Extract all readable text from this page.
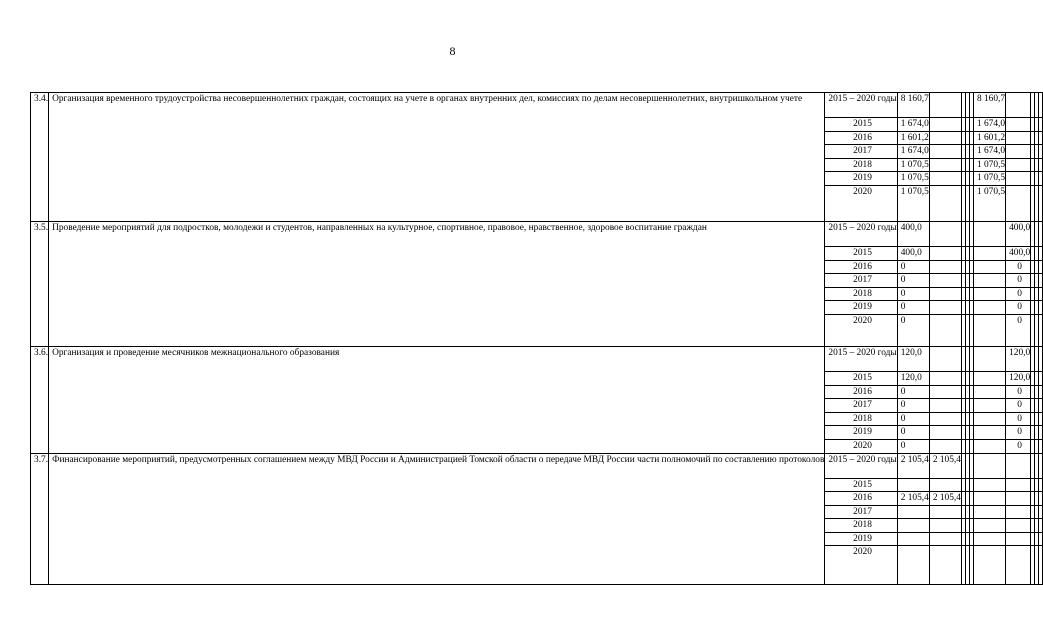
8
3.4.	Организация временного трудоустройства несовершеннолетних граждан, состоящих на учете в органах внутренних дел, комиссиях по делам несовершеннолетних, внутришкольном учете	2015 – 2020 годы	8 160,7					8 160,7				
		2015	1 674,0					1 674,0				
		2016	1 601,2					1 601,2				
		2017	1 674,0					1 674,0				
		2018	1 070,5					1 070,5				
		2019	1 070,5					1 070,5				
		2020	1 070,5					1 070,5				
3.5.	Проведение мероприятий для подростков, молодежи и студентов, направленных на культурное, спортивное, правовое, нравственное, здоровое воспитание граждан	2015 – 2020 годы	400,0						400,0			
		2015	400,0						400,0			
		2016	0						0			
		2017	0						0			
		2018	0						0			
		2019	0						0			
		2020	0						0			
3.6.	Организация и проведение месячников межнационального образования	2015 – 2020 годы	120,0						120,0			
		2015	120,0						120,0			
		2016	0						0			
		2017	0						0			
		2018	0						0			
		2019	0						0			
		2020	0						0			
3.7.	Финансирование мероприятий, предусмотренных соглашением между МВД России и Администрацией Томской области о передаче МВД России части полномочий по составлению протоколов	2015 – 2020 годы	2 105,4	2 105,4								
		2015										
		2016	2 105,4	2 105,4								
		2017										
		2018										
		2019										
		2020										
